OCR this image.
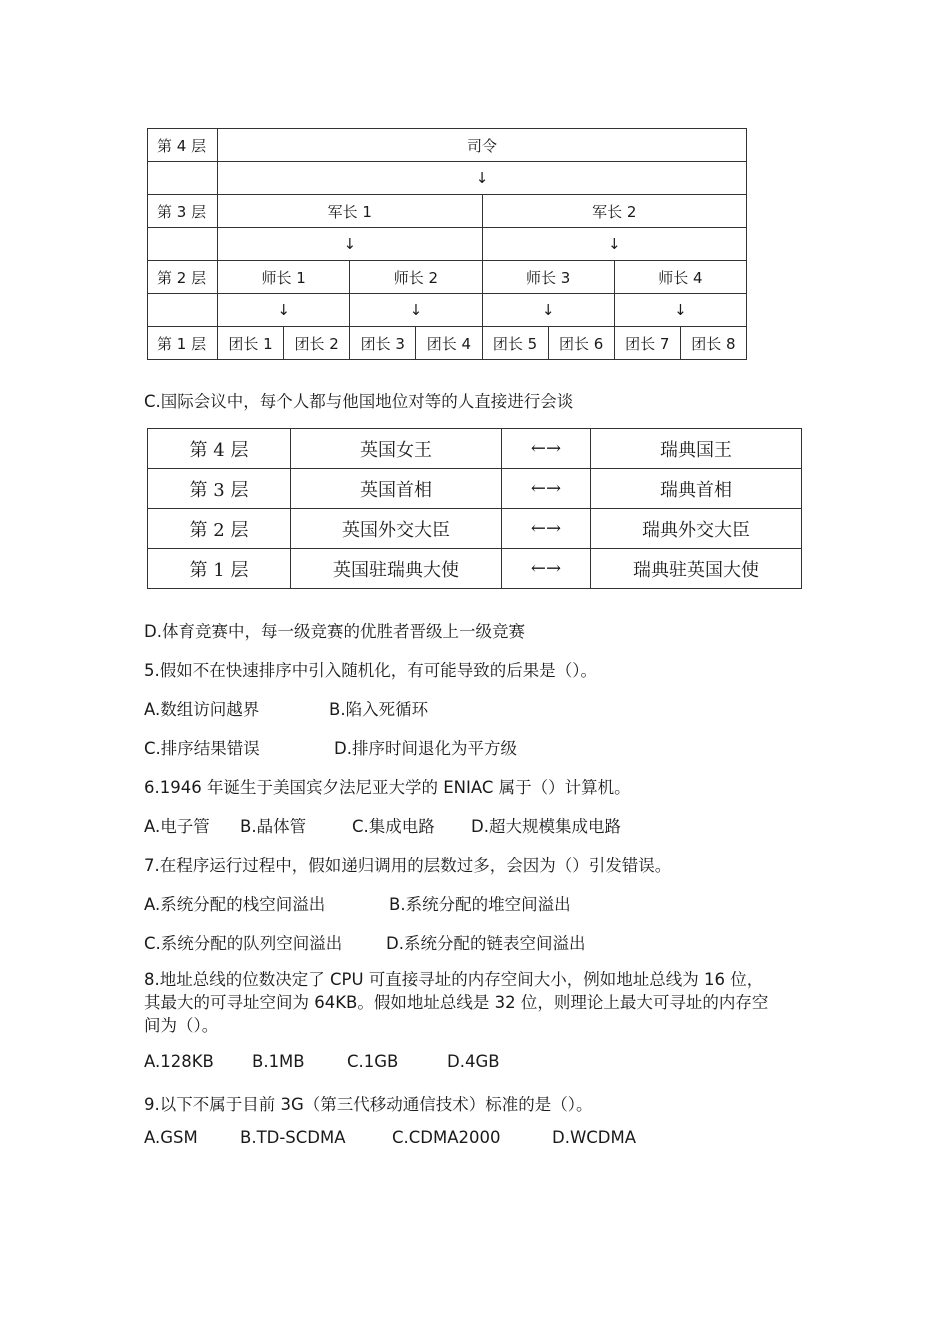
第 4 层	司令							
	↓							
第 3 层	军长 1				军长 2			
	↓				↓			
第 2 层	师长 1		师长 2		师长 3		师长 4	
	↓		↓		↓		↓	
第 1 层	团长 1	团长 2	团长 3	团长 4	团长 5	团长 6	团长 7	团长 8
C.国际会议中，每个人都与他国地位对等的人直接进行会谈
第 4 层	英国女王	←→	瑞典国王
第 3 层	英国首相	←→	瑞典首相
第 2 层	英国外交大臣	←→	瑞典外交大臣
第 1 层	英国驻瑞典大使	←→	瑞典驻英国大使
D.体育竞赛中，每一级竞赛的优胜者晋级上一级竞赛
5.假如不在快速排序中引入随机化，有可能导致的后果是（）。
A.数组访问越界	B.陷入死循环
C.排序结果错误	D.排序时间退化为平方级
6.1946 年诞生于美国宾夕法尼亚大学的 ENIAC 属于（）计算机。
A.电子管 B.晶体管	C.集成电路 D.超大规模集成电路
7.在程序运行过程中，假如递归调用的层数过多，会因为（）引发错误。
A.系统分配的栈空间溢出	B.系统分配的堆空间溢出
C.系统分配的队列空间溢出	D.系统分配的链表空间溢出
8.地址总线的位数决定了 CPU 可直接寻址的内存空间大小，例如地址总线为 16 位，
其最大的可寻址空间为 64KB。假如地址总线是 32 位，则理论上最大可寻址的内存空
间为（）。
A.128KB B.1MB	C.1GB	D.4GB
9.以下不属于目前 3G（第三代移动通信技术）标准的是（）。
A.GSM	B.TD-SCDMA	C.CDMA2000	D.WCDMA
